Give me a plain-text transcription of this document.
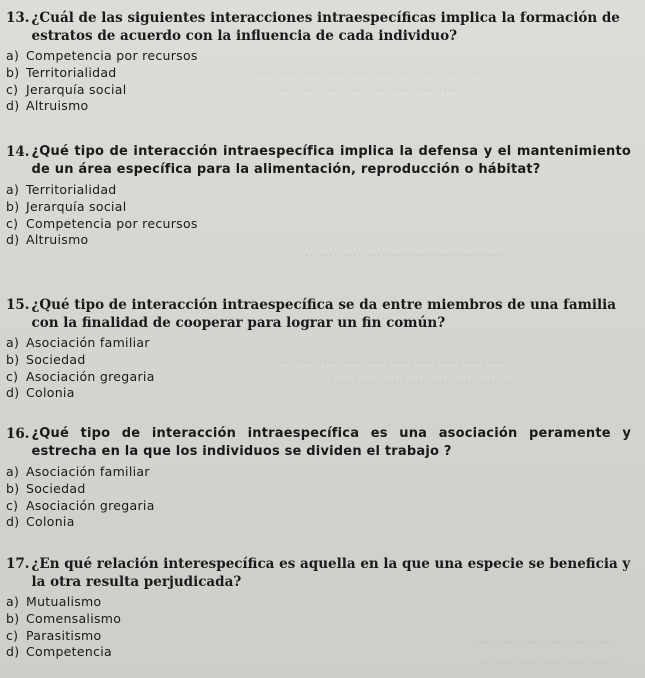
.................................................
.........................................
...........................................
...............................................
.......................................
...............................
.............................
13. ¿Cuál de las siguientes interacciones intraespecíficas implica la formación de estratos de acuerdo con la influencia de cada individuo?
a) Competencia por recursos
b) Territorialidad
c) Jerarquía social
d) Altruismo
14. ¿Qué tipo de interacción intraespecífica implica la defensa y el mantenimiento de un área específica para la alimentación, reproducción o hábitat?
a) Territorialidad
b) Jerarquía social
c) Competencia por recursos
d) Altruismo
15. ¿Qué tipo de interacción intraespecífica se da entre miembros de una familia con la finalidad de cooperar para lograr un fin común?
a) Asociación familiar
b) Sociedad
c) Asociación gregaria
d) Colonia
16. ¿Qué tipo de interacción intraespecífica es una asociación peramente y estrecha en la que los individuos se dividen el trabajo ?
a) Asociación familiar
b) Sociedad
c) Asociación gregaria
d) Colonia
17. ¿En qué relación interespecífica es aquella en la que una especie se beneficia y la otra resulta perjudicada?
a) Mutualismo
b) Comensalismo
c) Parasitismo
d) Competencia
